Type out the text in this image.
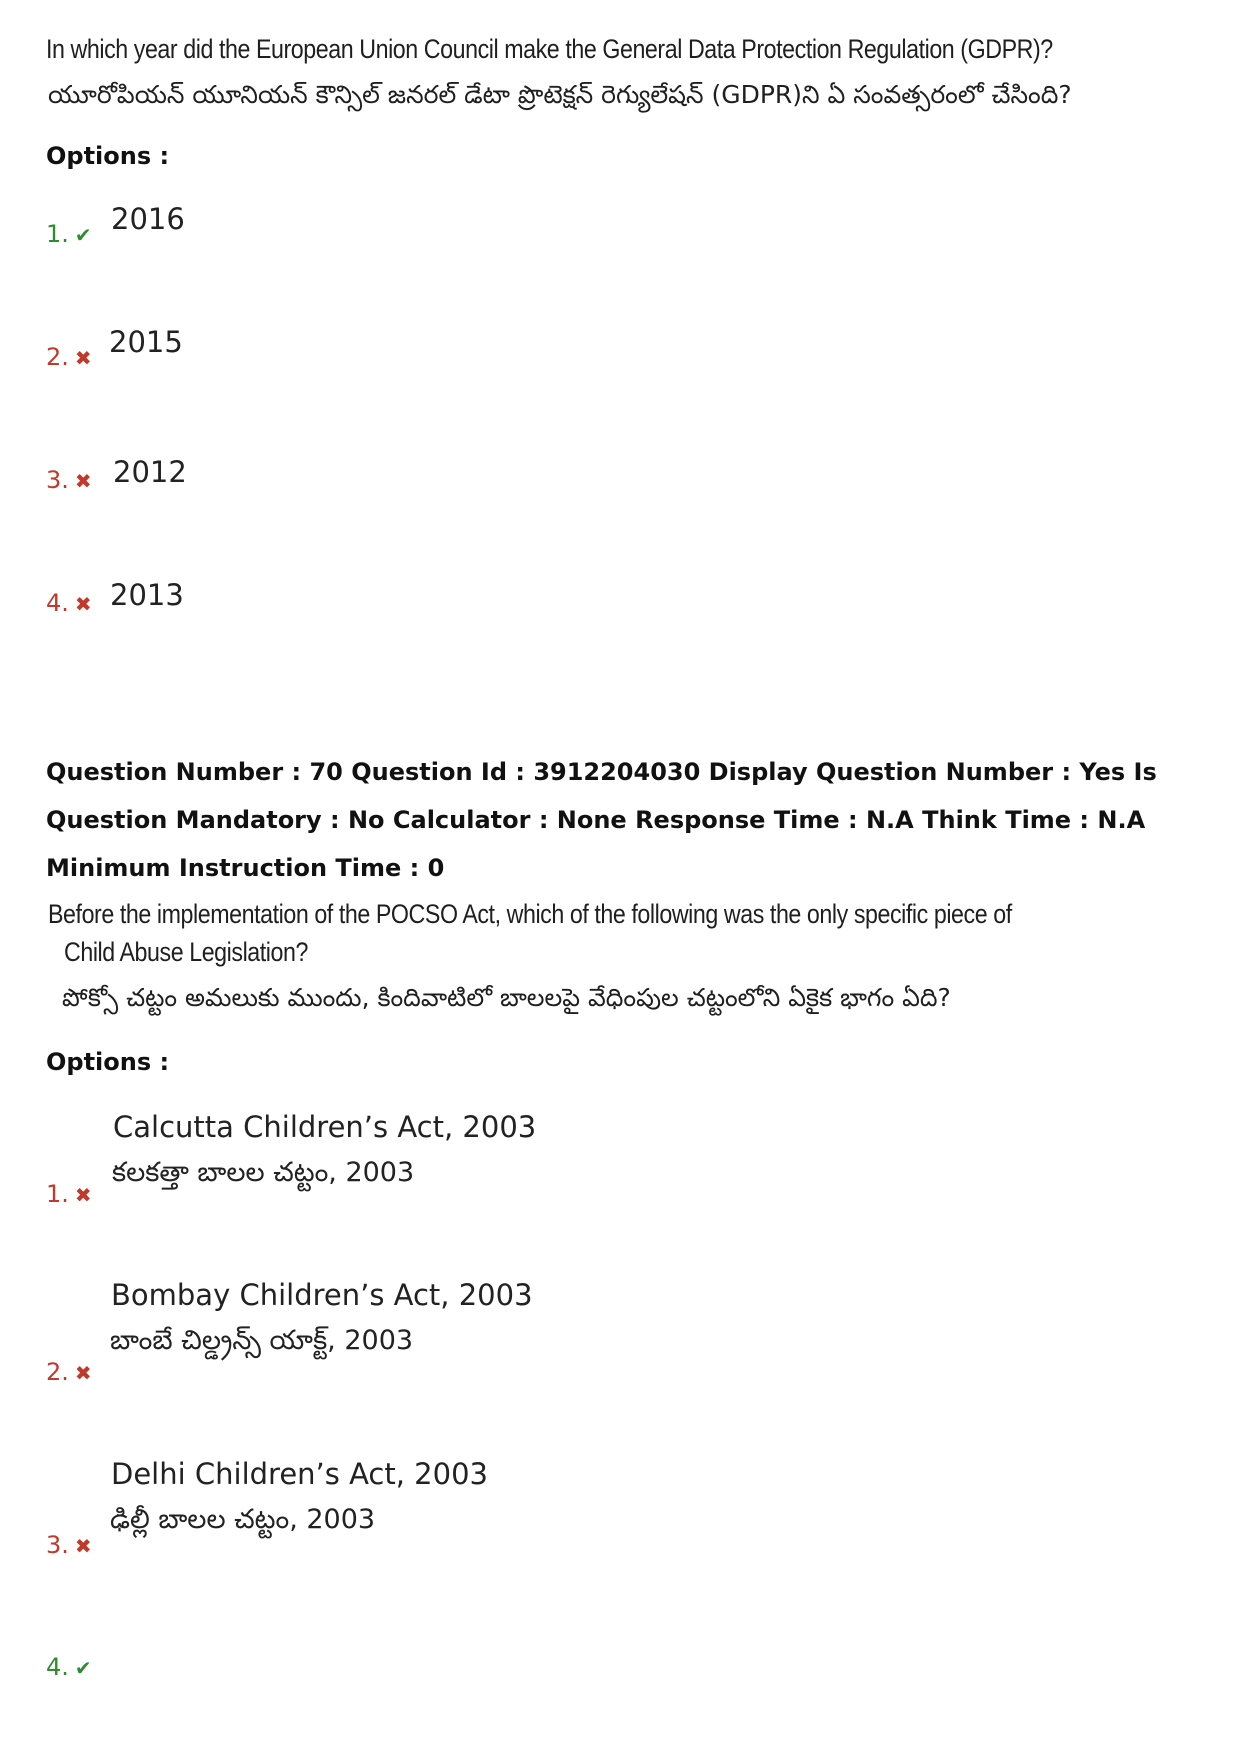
In which year did the European Union Council make the General Data Protection Regulation (GDPR)?
యూరోపియన్ యూనియన్ కౌన్సిల్ జనరల్ డేటా ప్రొటెక్షన్ రెగ్యులేషన్ (GDPR)ని ఏ సంవత్సరంలో చేసింది?
Options :
1. ✔ 2016
2. ✖ 2015
3. ✖ 2012
4. ✖ 2013
Question Number : 70 Question Id : 3912204030 Display Question Number : Yes Is Question Mandatory : No Calculator : None Response Time : N.A Think Time : N.A Minimum Instruction Time : 0
Before the implementation of the POCSO Act, which of the following was the only specific piece of
Child Abuse Legislation?
పోక్సో చట్టం అమలుకు ముందు, కిందివాటిలో బాలలపై వేధింపుల చట్టంలోని ఏకైక భాగం ఏది?
Options :
Calcutta Children’s Act, 2003
కలకత్తా బాలల చట్టం, 2003
1. ✖
Bombay Children’s Act, 2003
బాంబే చిల్డ్రన్స్ యాక్ట్, 2003
2. ✖
Delhi Children’s Act, 2003
ఢిల్లీ బాలల చట్టం, 2003
3. ✖
4. ✔
